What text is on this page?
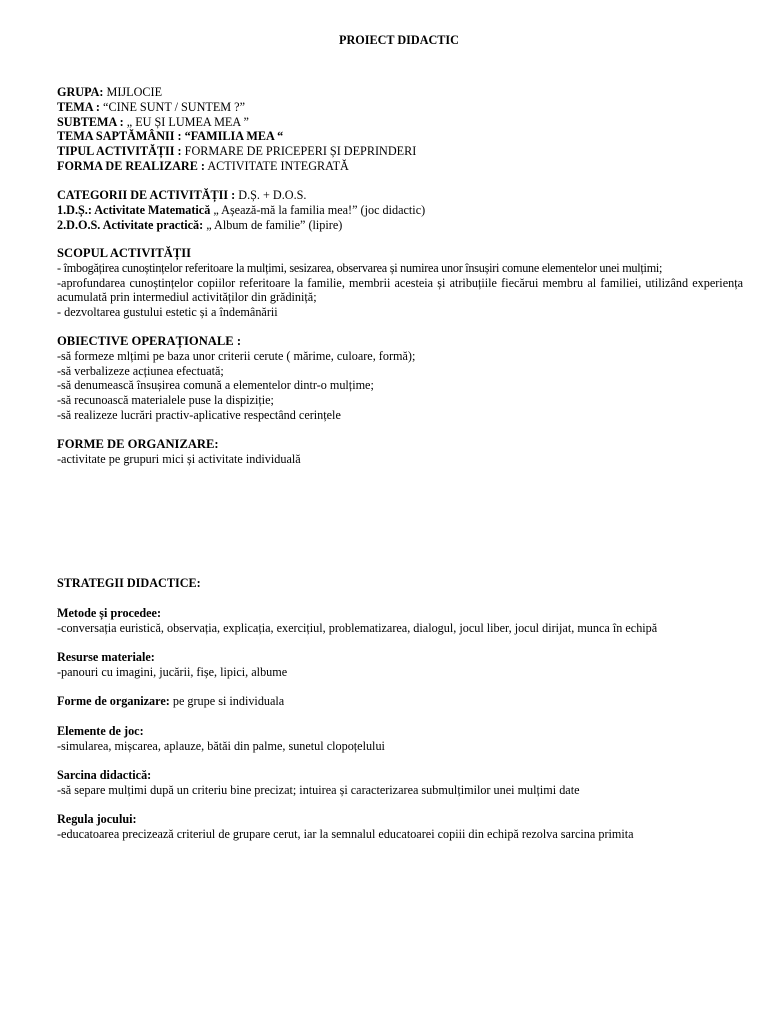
PROIECT DIDACTIC
GRUPA: MIJLOCIE
TEMA : “CINE SUNT / SUNTEM ?”
SUBTEMA : „ EU ȘI LUMEA MEA ”
TEMA SAPTĂMÂNII : “FAMILIA MEA “
TIPUL ACTIVITĂȚII : FORMARE DE PRICEPERI ȘI DEPRINDERI
FORMA DE REALIZARE : ACTIVITATE INTEGRATĂ
CATEGORII DE ACTIVITĂȚII : D.Ș. + D.O.S.
1.D.Ș.: Activitate Matematică „ Așează-mă la familia mea!” (joc didactic)
2.D.O.S. Activitate practică: „ Album de familie” (lipire)
SCOPUL ACTIVITĂȚII
- îmbogățirea cunoștințelor referitoare la mulțimi, sesizarea, observarea și numirea unor însușiri comune elementelor unei mulțimi;
-aprofundarea cunoștințelor copiilor referitoare la familie, membrii acesteia și atribuțiile fiecărui membru al familiei, utilizând experiența acumulată prin intermediul activităților din grădiniță;
- dezvoltarea gustului estetic și a îndemânării
OBIECTIVE OPERAȚIONALE :
-să formeze mlțimi pe baza unor criterii cerute ( mărime, culoare, formă);
-să verbalizeze acțiunea efectuată;
-să denumească însușirea comună a elementelor dintr-o mulțime;
-să recunoască materialele puse la dispiziție;
-să realizeze lucrări practiv-aplicative respectând cerințele
FORME DE ORGANIZARE:
-activitate pe grupuri mici și activitate individuală
STRATEGII DIDACTICE:
Metode și procedee:
-conversația euristică, observația, explicația, exercițiul, problematizarea, dialogul, jocul liber, jocul dirijat, munca în echipă
Resurse materiale:
-panouri cu imagini, jucării, fișe, lipici, albume
Forme de organizare: pe grupe si individuala
Elemente de joc:
-simularea, mișcarea, aplauze, bătăi din palme, sunetul clopoțelului
Sarcina didactică:
-să separe mulțimi după un criteriu bine precizat; intuirea și caracterizarea submulțimilor unei mulțimi date
Regula jocului:
-educatoarea precizează criteriul de grupare cerut, iar la semnalul educatoarei copiii din echipă rezolva sarcina primita
